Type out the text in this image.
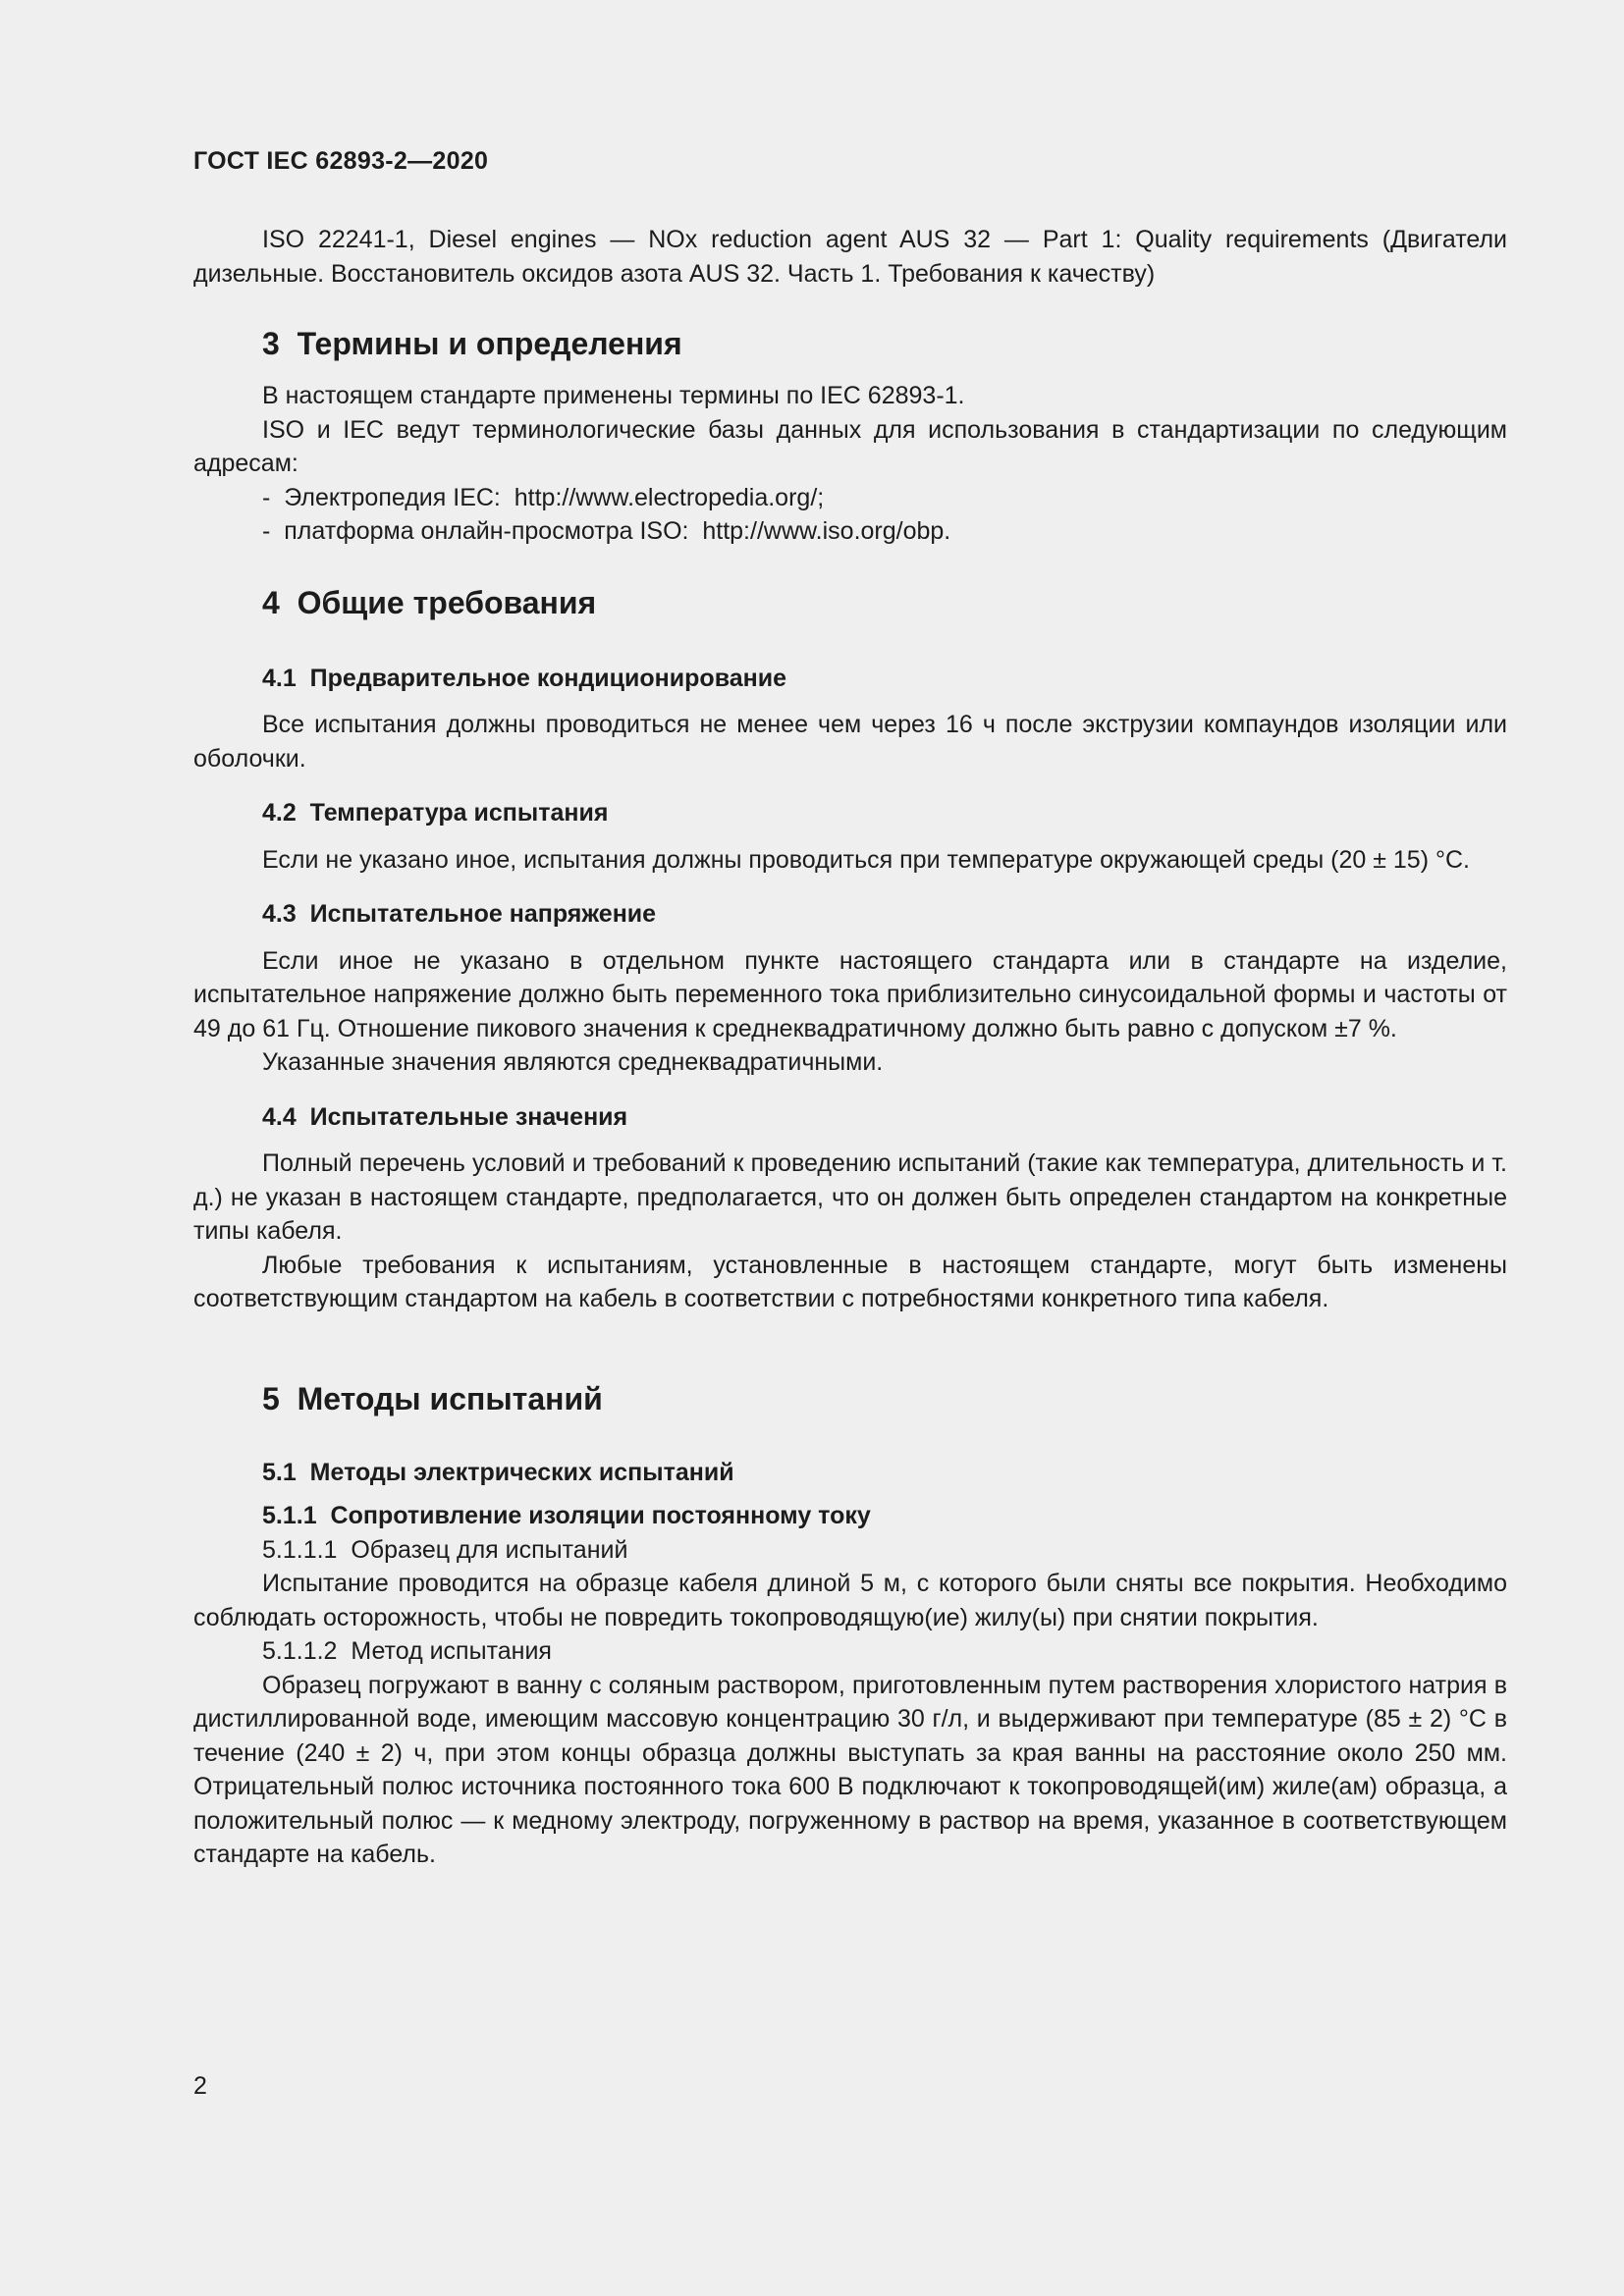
ГОСТ IEC 62893-2—2020

ISO 22241-1, Diesel engines — NOx reduction agent AUS 32 — Part 1: Quality requirements (Двигатели дизельные. Восстановитель оксидов азота AUS 32. Часть 1. Требования к качеству)

3 Термины и определения

В настоящем стандарте применены термины по IEC 62893-1.

ISO и IEC ведут терминологические базы данных для использования в стандартизации по следующим адресам:

-  Электропедия IEC:  http://www.electropedia.org/;

-  платформа онлайн-просмотра ISO:  http://www.iso.org/obp.

4 Общие требования
4.1 Предварительное кондиционирование

Все испытания должны проводиться не менее чем через 16 ч после экструзии компаундов изоляции или оболочки.

4.2 Температура испытания

Если не указано иное, испытания должны проводиться при температуре окружающей среды (20 ± 15) °С.

4.3 Испытательное напряжение

Если иное не указано в отдельном пункте настоящего стандарта или в стандарте на изделие, испытательное напряжение должно быть переменного тока приблизительно синусоидальной формы и частоты от 49 до 61 Гц. Отношение пикового значения к среднеквадратичному должно быть равно с допуском ±7 %.

Указанные значения являются среднеквадратичными.

4.4 Испытательные значения

Полный перечень условий и требований к проведению испытаний (такие как температура, длительность и т. д.) не указан в настоящем стандарте, предполагается, что он должен быть определен стандартом на конкретные типы кабеля.

Любые требования к испытаниям, установленные в настоящем стандарте, могут быть изменены соответствующим стандартом на кабель в соответствии с потребностями конкретного типа кабеля.

5 Методы испытаний
5.1 Методы электрических испытаний
5.1.1 Сопротивление изоляции постоянному току

5.1.1.1 Образец для испытаний

Испытание проводится на образце кабеля длиной 5 м, с которого были сняты все покрытия. Необходимо соблюдать осторожность, чтобы не повредить токопроводящую(ие) жилу(ы) при снятии покрытия.

5.1.1.2 Метод испытания

Образец погружают в ванну с соляным раствором, приготовленным путем растворения хлористого натрия в дистиллированной воде, имеющим массовую концентрацию 30 г/л, и выдерживают при температуре (85 ± 2) °С в течение (240 ± 2) ч, при этом концы образца должны выступать за края ванны на расстояние около 250 мм. Отрицательный полюс источника постоянного тока 600 В подключают к токопроводящей(им) жиле(ам) образца, а положительный полюс — к медному электроду, погруженному в раствор на время, указанное в соответствующем стандарте на кабель.

2
